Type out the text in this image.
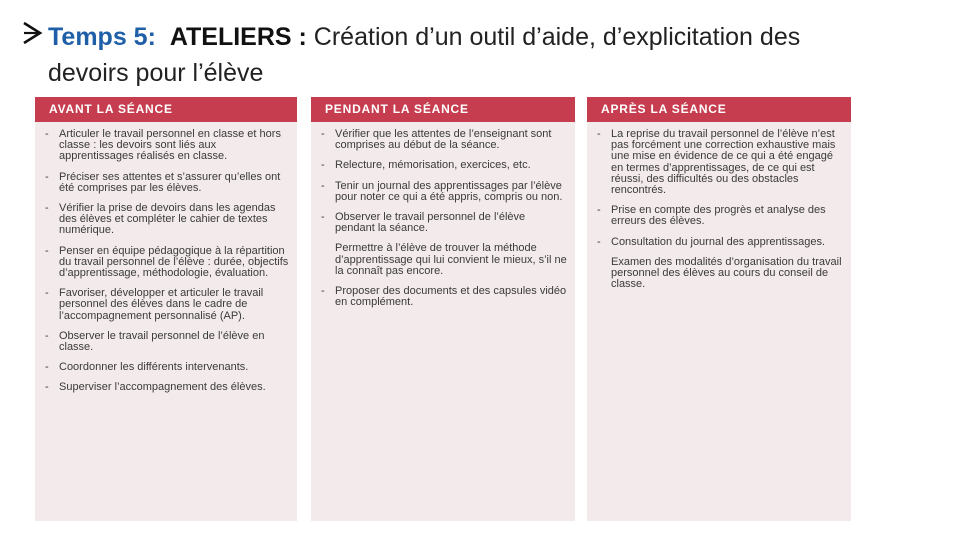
Temps 5: ATELIERS : Création d’un outil d’aide, d’explicitation des
devoirs pour l’élève
AVANT LA SÉANCE
- Articuler le travail personnel en classe et hors classe : les devoirs sont liés aux apprentissages réalisés en classe.
- Préciser ses attentes et s’assurer qu’elles ont été comprises par les élèves.
- Vérifier la prise de devoirs dans les agendas des élèves et compléter le cahier de textes numérique.
- Penser en équipe pédagogique à la répartition du travail personnel de l’élève : durée, objectifs d’apprentissage, méthodologie, évaluation.
- Favoriser, développer et articuler le travail personnel des élèves dans le cadre de l’accompagnement personnalisé (AP).
- Observer le travail personnel de l’élève en classe.
- Coordonner les différents intervenants.
- Superviser l’accompagnement des élèves.
PENDANT LA SÉANCE
- Vérifier que les attentes de l’enseignant sont comprises au début de la séance.
- Relecture, mémorisation, exercices, etc.
- Tenir un journal des apprentissages par l’élève pour noter ce qui a été appris, compris ou non.
- Observer le travail personnel de l’élève pendant la séance.
Permettre à l’élève de trouver la méthode d’apprentissage qui lui convient le mieux, s’il ne la connaît pas encore.
- Proposer des documents et des capsules vidéo en complément.
APRÈS LA SÉANCE
- La reprise du travail personnel de l’élève n’est pas forcément une correction exhaustive mais une mise en évidence de ce qui a été engagé en termes d’apprentissages, de ce qui est réussi, des difficultés ou des obstacles rencontrés.
- Prise en compte des progrès et analyse des erreurs des élèves.
- Consultation du journal des apprentissages.
Examen des modalités d’organisation du travail personnel des élèves au cours du conseil de classe.
